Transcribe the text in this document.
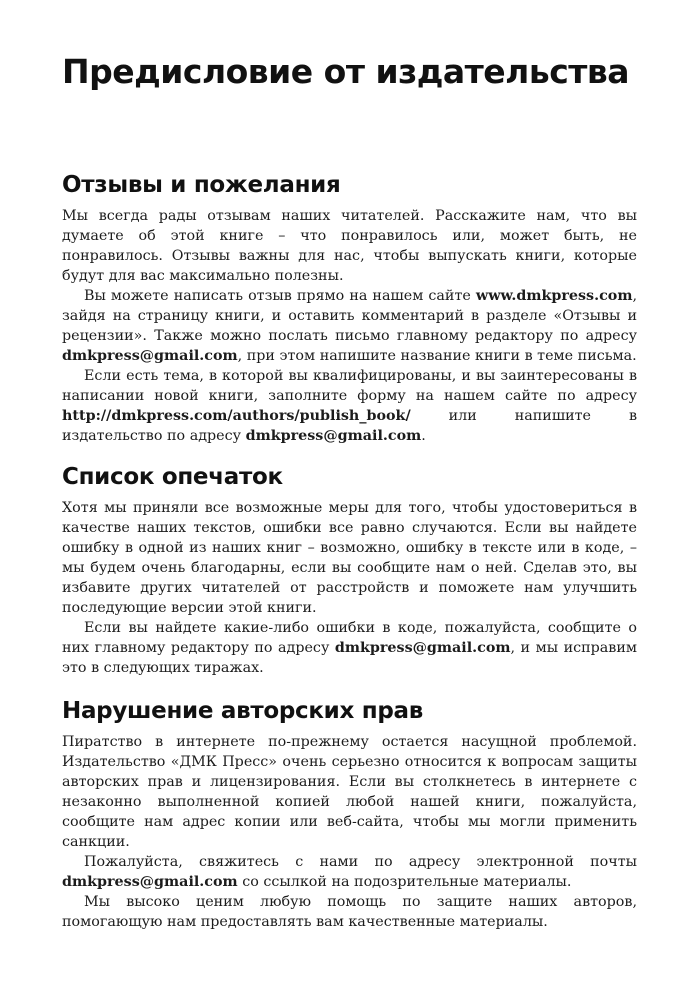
Предисловие от издательства
Отзывы и пожелания

Мы всегда рады отзывам наших читателей. Расскажите нам, что вы думаете об этой книге – что понравилось или, может быть, не понравилось. Отзывы важны для нас, чтобы выпускать книги, которые будут для вас максимально полезны.

Вы можете написать отзыв прямо на нашем сайте www.dmkpress.com, зайдя на страницу книги, и оставить комментарий в разделе «Отзывы и рецензии». Также можно послать письмо главному редактору по адресу dmkpress@gmail.com, при этом напишите название книги в теме письма.

Если есть тема, в которой вы квалифицированы, и вы заинтересованы в написании новой книги, заполните форму на нашем сайте по адресу http://dmkpress.com/authors/publish_book/ или напишите в издательство по адресу dmkpress@gmail.com.

Список опечаток

Хотя мы приняли все возможные меры для того, чтобы удостовериться в качестве наших текстов, ошибки все равно случаются. Если вы найдете ошибку в одной из наших книг – возможно, ошибку в тексте или в коде, – мы будем очень благодарны, если вы сообщите нам о ней. Сделав это, вы избавите других читателей от расстройств и поможете нам улучшить последующие версии этой книги.

Если вы найдете какие-либо ошибки в коде, пожалуйста, сообщите о них главному редактору по адресу dmkpress@gmail.com, и мы исправим это в следующих тиражах.

Нарушение авторских прав

Пиратство в интернете по-прежнему остается насущной проблемой. Издательство «ДМК Пресс» очень серьезно относится к вопросам защиты авторских прав и лицензирования. Если вы столкнетесь в интернете с незаконно выполненной копией любой нашей книги, пожалуйста, сообщите нам адрес копии или веб-сайта, чтобы мы могли применить санкции.

Пожалуйста, свяжитесь с нами по адресу электронной почты dmkpress@gmail.com со ссылкой на подозрительные материалы.

Мы высоко ценим любую помощь по защите наших авторов, помогающую нам предоставлять вам качественные материалы.
